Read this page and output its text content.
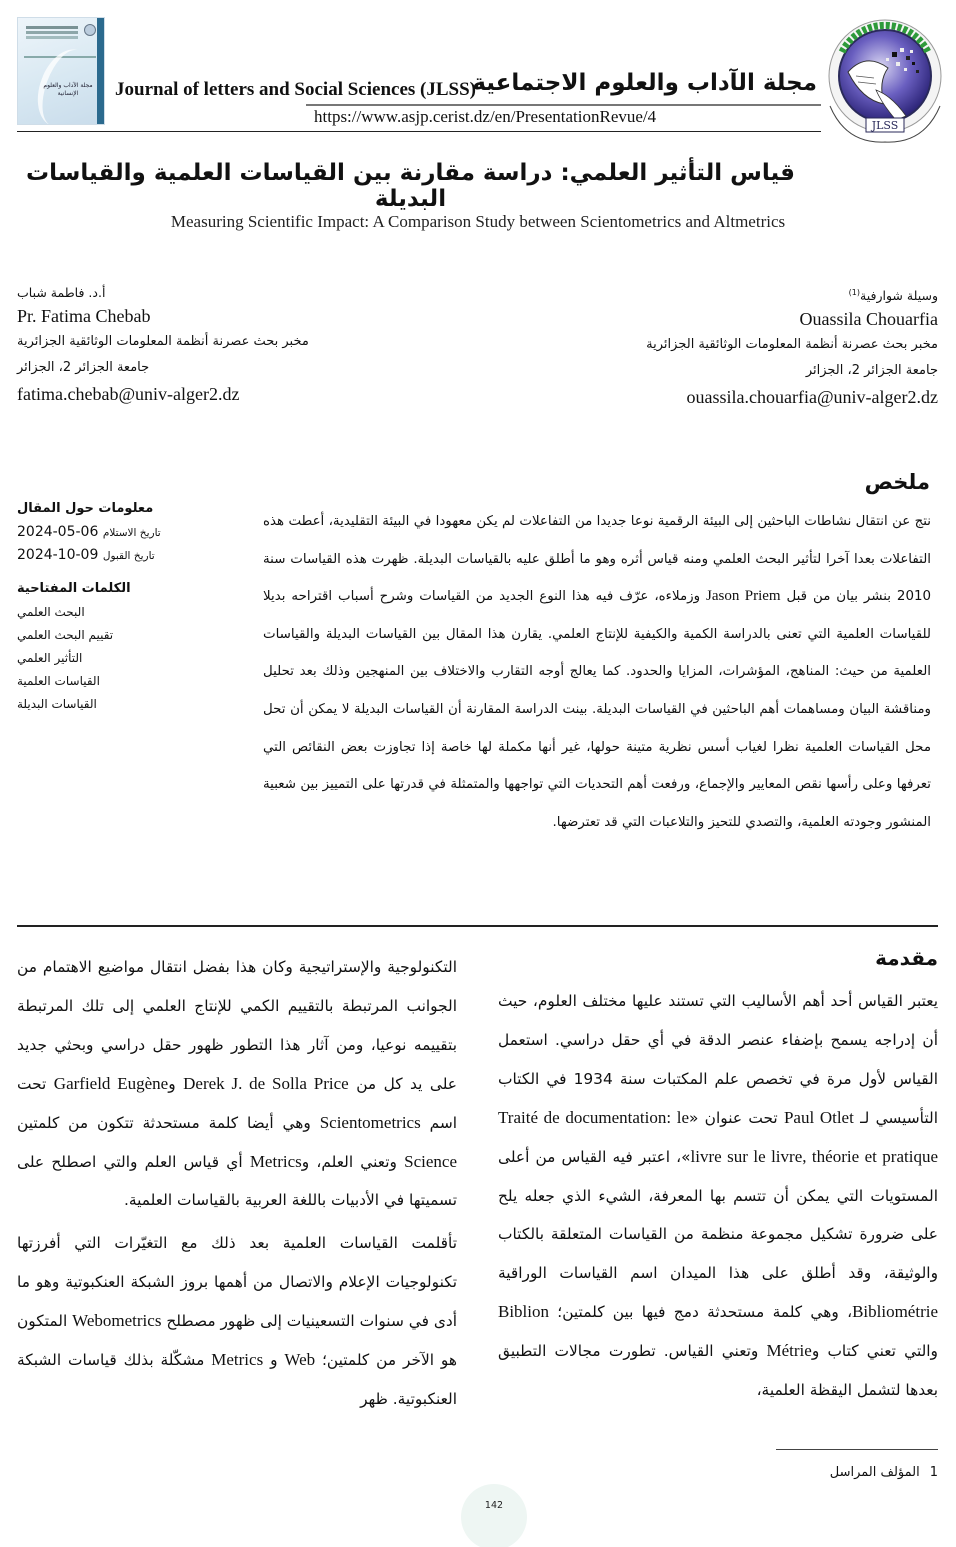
مجلة الآداب والعلوم الإنسانية	Journal of letters and Social Sciences (JLSS)
مجلة الآداب والعلوم الاجتماعية
https://www.asjp.cerist.dz/en/PresentationRevue/4	JLSS
قياس التأثير العلمي: دراسة مقارنة بين القياسات العلمية والقياسات البديلة
Measuring Scientific Impact: A Comparison Study between Scientometrics and Altmetrics
وسيلة شوارفية$^{(1)}$
Ouassila Chouarfia
مخبر بحث عصرنة أنظمة المعلومات الوثائقية الجزائرية
جامعة الجزائر 2، الجزائر
ouassila.chouarfia@univ-alger2.dz
أ.د. فاطمة شباب
Pr. Fatima Chebab
مخبر بحث عصرنة أنظمة المعلومات الوثائقية الجزائرية
جامعة الجزائر 2، الجزائر
fatima.chebab@univ-alger2.dz
معلومات حول المقال
2024-05-06 تاريخ الاستلام
2024-10-09 تاريخ القبول
الكلمات المفتاحية
البحث العلمي
تقييم البحث العلمي
التأثير العلمي
القياسات العلمية
القياسات البديلة
ملخص
نتج عن انتقال نشاطات الباحثين إلى البيئة الرقمية نوعا جديدا من التفاعلات لم يكن معهودا في البيئة التقليدية، أعطت هذه التفاعلات بعدا آخرا لتأثير البحث العلمي ومنه قياس أثره وهو ما أطلق عليه بالقياسات البديلة. ظهرت هذه القياسات سنة 2010 بنشر بيان من قبل Jason Priem وزملاءه، عرّف فيه هذا النوع الجديد من القياسات وشرح أسباب اقتراحه بديلا للقياسات العلمية التي تعنى بالدراسة الكمية والكيفية للإنتاج العلمي. يقارن هذا المقال بين القياسات البديلة والقياسات العلمية من حيث: المناهج، المؤشرات، المزايا والحدود. كما يعالج أوجه التقارب والاختلاف بين المنهجين وذلك بعد تحليل ومناقشة البيان ومساهمات أهم الباحثين في القياسات البديلة. بينت الدراسة المقارنة أن القياسات البديلة لا يمكن أن تحل محل القياسات العلمية نظرا لغياب أسس نظرية متينة حولها، غير أنها مكملة لها خاصة إذا تجاوزت بعض النقائص التي تعرفها وعلى رأسها نقص المعايير والإجماع، ورفعت أهم التحديات التي تواجهها والمتمثلة في قدرتها على التمييز بين شعبية المنشور وجودته العلمية، والتصدي للتحيز والتلاعبات التي قد تعترضها.
مقدمة
يعتبر القياس أحد أهم الأساليب التي تستند عليها مختلف العلوم، حيث أن إدراجه يسمح بإضفاء عنصر الدقة في أي حقل دراسي. استعمل القياس لأول مرة في تخصص علم المكتبات سنة 1934 في الكتاب التأسيسي لـ Paul Otlet تحت عنوان «Traité de documentation: le livre sur le livre, théorie et pratique»، اعتبر فيه القياس من أعلى المستويات التي يمكن أن تتسم بها المعرفة، الشيء الذي جعله يلح على ضرورة تشكيل مجموعة منظمة من القياسات المتعلقة بالكتاب والوثيقة، وقد أطلق على هذا الميدان اسم القياسات الوراقية Bibliométrie، وهي كلمة مستحدثة دمج فيها بين كلمتين؛ Biblion والتي تعني كتاب وMétrie وتعني القياس. تطورت مجالات التطبيق بعدها لتشمل اليقظة العلمية،

التكنولوجية والإستراتيجية وكان هذا بفضل انتقال مواضيع الاهتمام من الجوانب المرتبطة بالتقييم الكمي للإنتاج العلمي إلى تلك المرتبطة بتقييمه نوعيا، ومن آثار هذا التطور ظهور حقل دراسي وبحثي جديد على يد كل من Derek J. de Solla Price وGarfield Eugène تحت اسم Scientometrics وهي أيضا كلمة مستحدثة تتكون من كلمتين Science وتعني العلم، وMetrics أي قياس العلم والتي اصطلح على تسميتها في الأدبيات باللغة العربية بالقياسات العلمية.

تأقلمت القياسات العلمية بعد ذلك مع التغيّرات التي أفرزتها تكنولوجيات الإعلام والاتصال من أهمها بروز الشبكة العنكبوتية وهو ما أدى في سنوات التسعينيات إلى ظهور مصطلح Webometrics المتكون هو الآخر من كلمتين؛ Web و Metrics مشكّلة بذلك قياسات الشبكة العنكبوتية. ظهر

1المؤلف المراسل
142
